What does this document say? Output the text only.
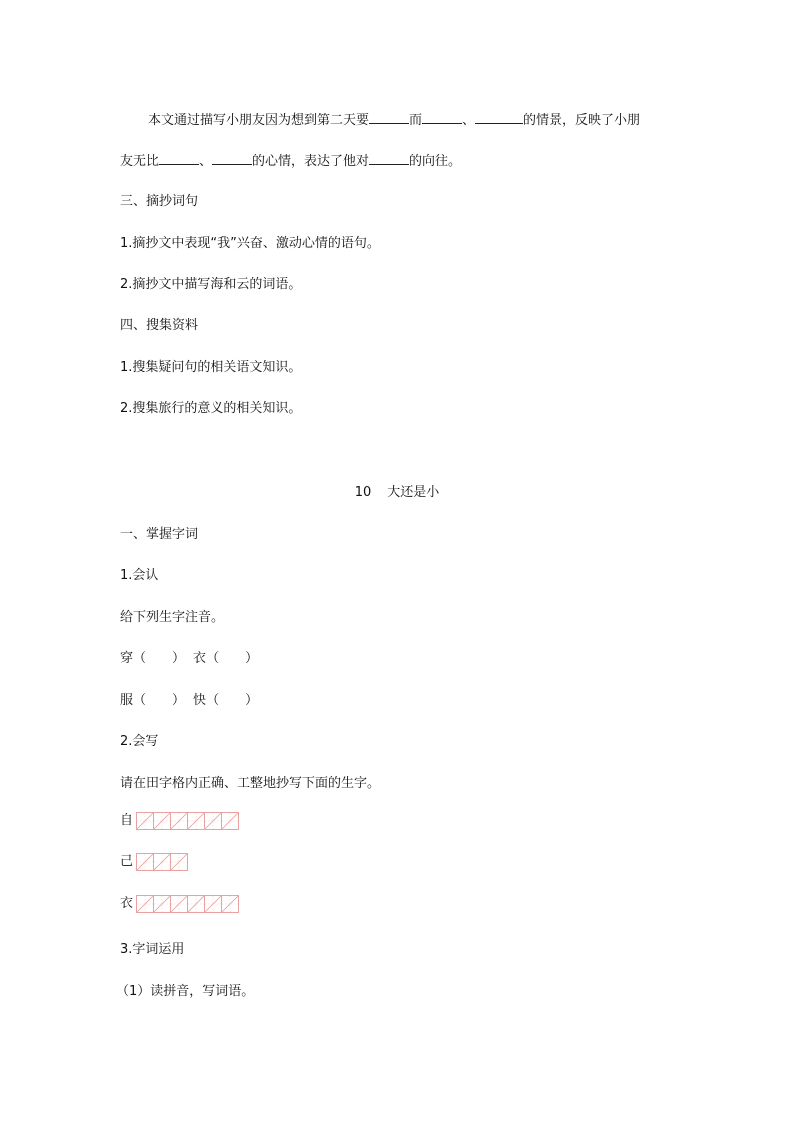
本文通过描写小朋友因为想到第二天要	而	、	的情景，反映了小朋
友无比	、	的心情，表达了他对	的向往。
三、摘抄词句
1.摘抄文中表现“我”兴奋、激动心情的语句。
2.摘抄文中描写海和云的词语。
四、搜集资料
1.搜集疑问句的相关语文知识。
2.搜集旅行的意义的相关知识。
10 大还是小
一、掌握字词
1.会认
给下列生字注音。
穿（ ） 衣（ ）
服（ ） 快（ ）
2.会写
请在田字格内正确、工整地抄写下面的生字。
自
己
衣
3.字词运用
（1）读拼音，写词语。
